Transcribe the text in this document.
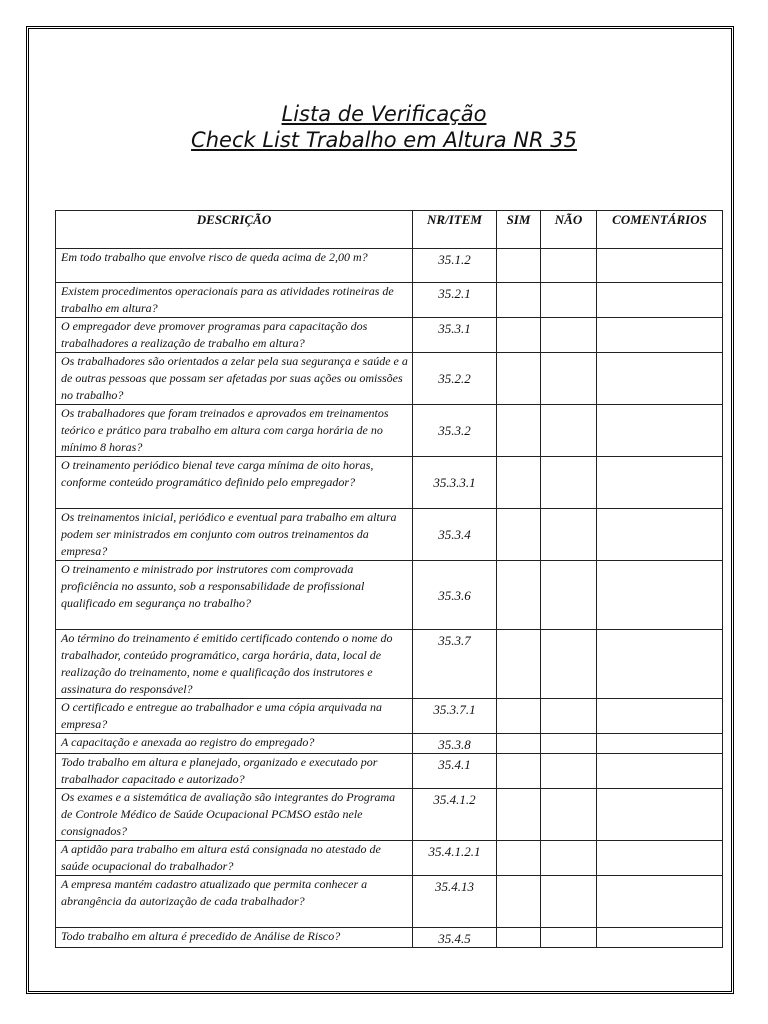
Lista de Verificação
Check List Trabalho em Altura NR 35
DESCRIÇÃO	NR/ITEM	SIM	NÃO	COMENTÁRIOS
Em todo trabalho que envolve risco de queda acima de 2,00 m?	35.1.2			
Existem procedimentos operacionais para as atividades rotineiras de trabalho em altura?	35.2.1			
O empregador deve promover programas para capacitação dos trabalhadores a realização de trabalho em altura?	35.3.1			
Os trabalhadores são orientados a zelar pela sua segurança e saúde e a de outras pessoas que possam ser afetadas por suas ações ou omissões no trabalho?	35.2.2			
Os trabalhadores que foram treinados e aprovados em treinamentos teórico e prático para trabalho em altura com carga horária de no mínimo 8 horas?	35.3.2			
O treinamento periódico bienal teve carga mínima de oito horas, conforme conteúdo programático definido pelo empregador?	35.3.3.1			
Os treinamentos inicial, periódico e eventual para trabalho em altura podem ser ministrados em conjunto com outros treinamentos da empresa?	35.3.4			
O treinamento e ministrado por instrutores com comprovada proficiência no assunto, sob a responsabilidade de profissional qualificado em segurança no trabalho?	35.3.6			
Ao término do treinamento é emitido certificado contendo o nome do trabalhador, conteúdo programático, carga horária, data, local de realização do treinamento, nome e qualificação dos instrutores e assinatura do responsável?	35.3.7			
O certificado e entregue ao trabalhador e uma cópia arquivada na empresa?	35.3.7.1			
A capacitação e anexada ao registro do empregado?	35.3.8			
Todo trabalho em altura e planejado, organizado e executado por trabalhador capacitado e autorizado?	35.4.1			
Os exames e a sistemática de avaliação são integrantes do Programa de Controle Médico de Saúde Ocupacional PCMSO estão nele consignados?	35.4.1.2			
A aptidão para trabalho em altura está consignada no atestado de saúde ocupacional do trabalhador?	35.4.1.2.1			
A empresa mantém cadastro atualizado que permita conhecer a abrangência da autorização de cada trabalhador?	35.4.13			
Todo trabalho em altura é precedido de Análise de Risco?	35.4.5			
